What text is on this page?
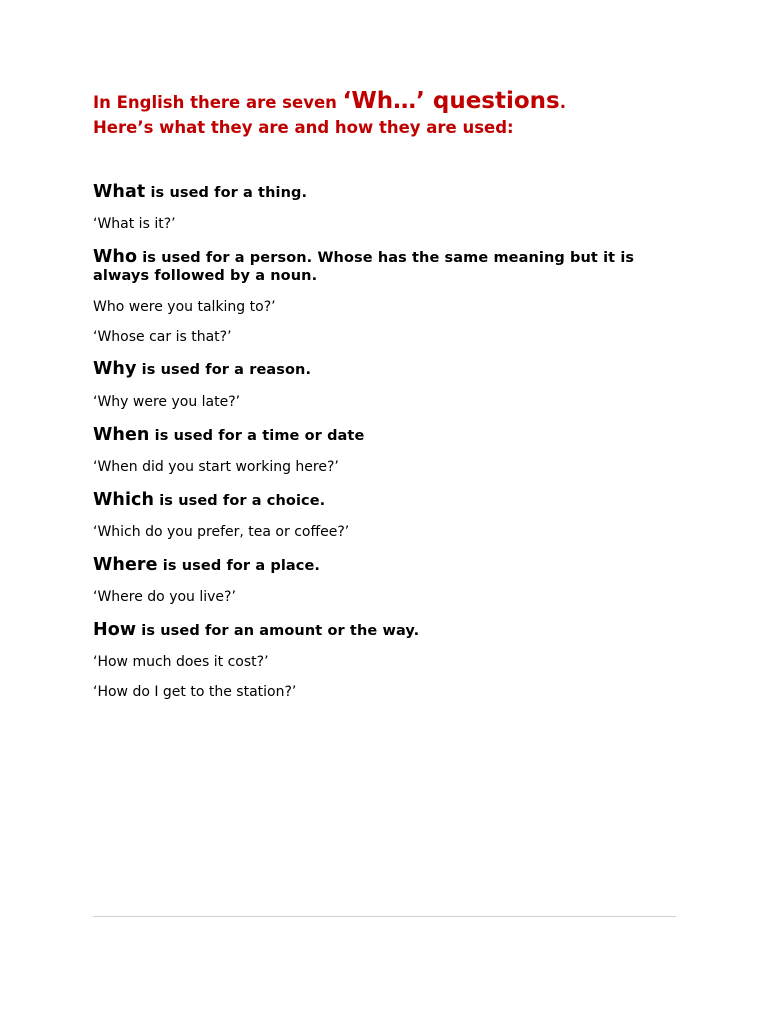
In English there are seven ‘Wh…’ questions.
Here’s what they are and how they are used:
What is used for a thing.
‘What is it?’
Who is used for a person. Whose has the same meaning but it is
always followed by a noun.
Who were you talking to?’
‘Whose car is that?’
Why is used for a reason.
‘Why were you late?’
When is used for a time or date
‘When did you start working here?’
Which is used for a choice.
‘Which do you prefer, tea or coffee?’
Where is used for a place.
‘Where do you live?’
How is used for an amount or the way.
‘How much does it cost?’
‘How do I get to the station?’
